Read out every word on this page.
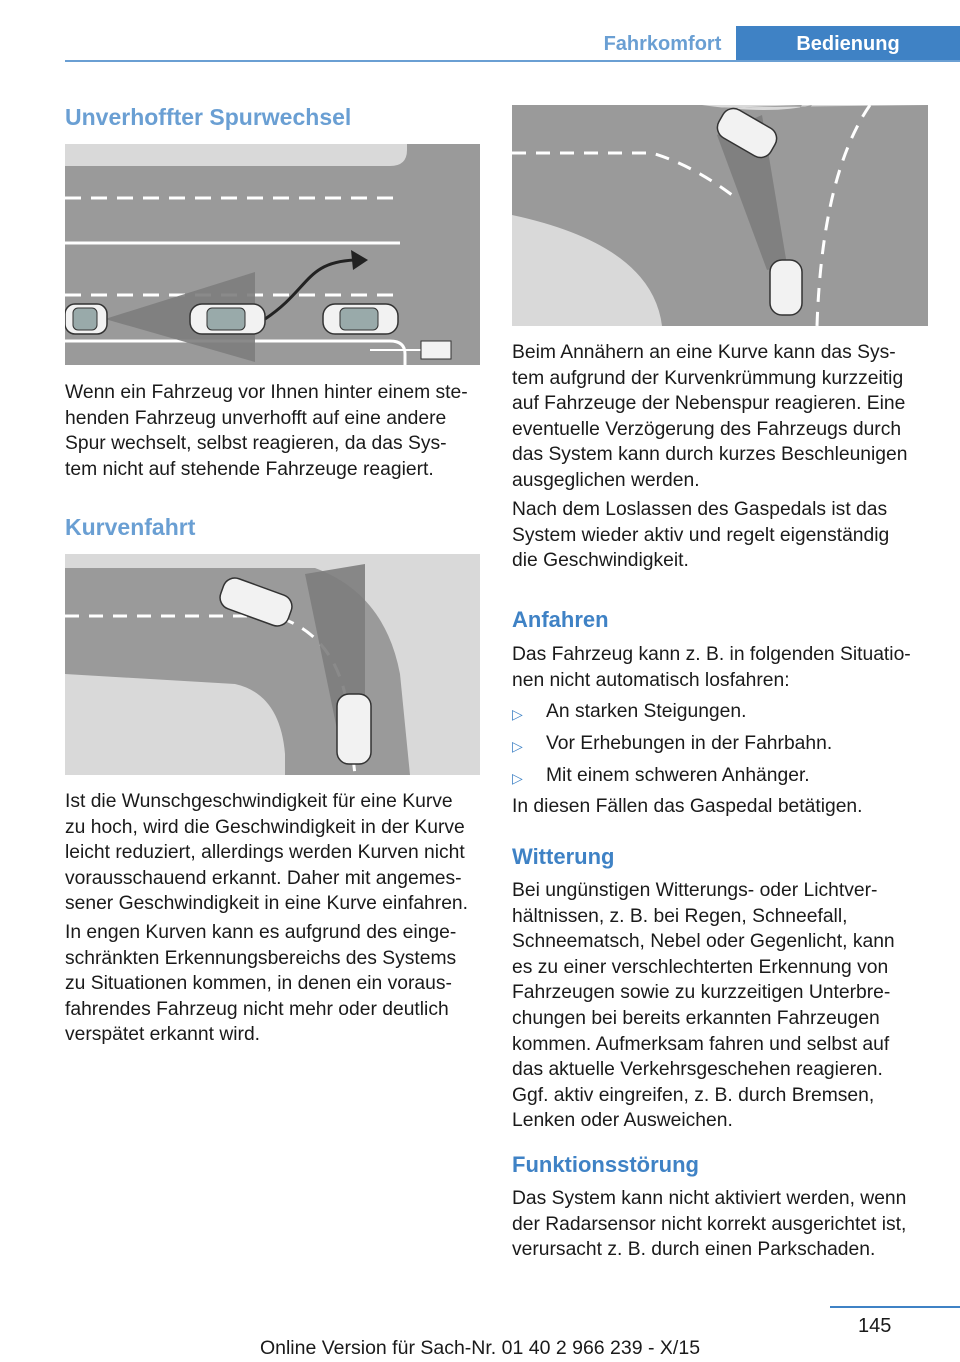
Fahrkomfort	Bedienung
Unverhoffter Spurwechsel
Wenn ein Fahrzeug vor Ihnen hinter einem ste-
henden Fahrzeug unverhofft auf eine andere
Spur wechselt, selbst reagieren, da das Sys-
tem nicht auf stehende Fahrzeuge reagiert.
Kurvenfahrt
Ist die Wunschgeschwindigkeit für eine Kurve
zu hoch, wird die Geschwindigkeit in der Kurve
leicht reduziert, allerdings werden Kurven nicht
vorausschauend erkannt. Daher mit angemes-
sener Geschwindigkeit in eine Kurve einfahren.
In engen Kurven kann es aufgrund des einge-
schränkten Erkennungsbereichs des Systems
zu Situationen kommen, in denen ein voraus-
fahrendes Fahrzeug nicht mehr oder deutlich
verspätet erkannt wird.
Beim Annähern an eine Kurve kann das Sys-
tem aufgrund der Kurvenkrümmung kurzzeitig
auf Fahrzeuge der Nebenspur reagieren. Eine
eventuelle Verzögerung des Fahrzeugs durch
das System kann durch kurzes Beschleunigen
ausgeglichen werden.
Nach dem Loslassen des Gaspedals ist das
System wieder aktiv und regelt eigenständig
die Geschwindigkeit.
Anfahren
Das Fahrzeug kann z. B. in folgenden Situatio-
nen nicht automatisch losfahren:
▷ An starken Steigungen.
▷ Vor Erhebungen in der Fahrbahn.
▷ Mit einem schweren Anhänger.
In diesen Fällen das Gaspedal betätigen.
Witterung
Bei ungünstigen Witterungs- oder Lichtver-
hältnissen, z. B. bei Regen, Schneefall,
Schneematsch, Nebel oder Gegenlicht, kann
es zu einer verschlechterten Erkennung von
Fahrzeugen sowie zu kurzzeitigen Unterbre-
chungen bei bereits erkannten Fahrzeugen
kommen. Aufmerksam fahren und selbst auf
das aktuelle Verkehrsgeschehen reagieren.
Ggf. aktiv eingreifen, z. B. durch Bremsen,
Lenken oder Ausweichen.
Funktionsstörung
Das System kann nicht aktiviert werden, wenn
der Radarsensor nicht korrekt ausgerichtet ist,
verursacht z. B. durch einen Parkschaden.
145
Online Version für Sach-Nr. 01 40 2 966 239 - X/15
